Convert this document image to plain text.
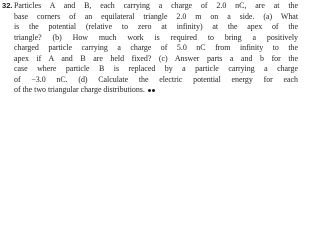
32. Particles A and B, each carrying a charge of 2.0 nC, are at the
base corners of an equilateral triangle 2.0 m on a side. (a) What
is the potential (relative to zero at infinity) at the apex of the
triangle? (b) How much work is required to bring a positively
charged particle carrying a charge of 5.0 nC from infinity to the
apex if A and B are held fixed? (c) Answer parts a and b for the
case where particle B is replaced by a particle carrying a charge
of −3.0 nC. (d) Calculate the electric potential energy for each
of the two triangular charge distributions.
